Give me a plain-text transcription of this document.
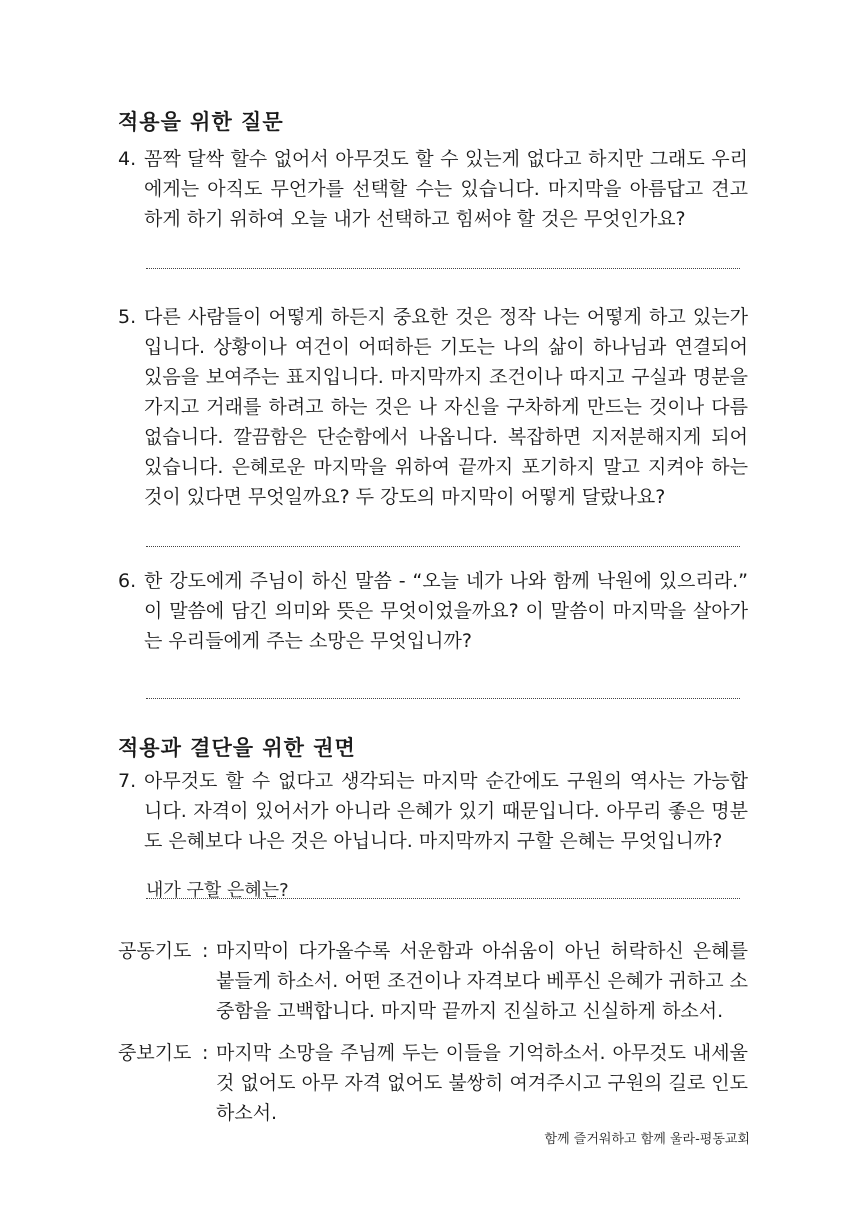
적용을 위한 질문
4. 꼼짝 달싹 할수 없어서 아무것도 할 수 있는게 없다고 하지만 그래도 우리에게는 아직도 무언가를 선택할 수는 있습니다. 마지막을 아름답고 견고하게 하기 위하여 오늘 내가 선택하고 힘써야 할 것은 무엇인가요?
5. 다른 사람들이 어떻게 하든지 중요한 것은 정작 나는 어떻게 하고 있는가 입니다. 상황이나 여건이 어떠하든 기도는 나의 삶이 하나님과 연결되어 있음을 보여주는 표지입니다. 마지막까지 조건이나 따지고 구실과 명분을 가지고 거래를 하려고 하는 것은 나 자신을 구차하게 만드는 것이나 다름 없습니다. 깔끔함은 단순함에서 나옵니다. 복잡하면 지저분해지게 되어 있습니다. 은혜로운 마지막을 위하여 끝까지 포기하지 말고 지켜야 하는 것이 있다면 무엇일까요? 두 강도의 마지막이 어떻게 달랐나요?
6. 한 강도에게 주님이 하신 말씀 - “오늘 네가 나와 함께 낙원에 있으리라.” 이 말씀에 담긴 의미와 뜻은 무엇이었을까요? 이 말씀이 마지막을 살아가는 우리들에게 주는 소망은 무엇입니까?
적용과 결단을 위한 권면
7. 아무것도 할 수 없다고 생각되는 마지막 순간에도 구원의 역사는 가능합니다. 자격이 있어서가 아니라 은혜가 있기 때문입니다. 아무리 좋은 명분도 은혜보다 나은 것은 아닙니다. 마지막까지 구할 은혜는 무엇입니까?
내가 구할 은혜는?
공동기도 : 마지막이 다가올수록 서운함과 아쉬움이 아닌 허락하신 은혜를 붙들게 하소서. 어떤 조건이나 자격보다 베푸신 은혜가 귀하고 소중함을 고백합니다. 마지막 끝까지 진실하고 신실하게 하소서.
중보기도 : 마지막 소망을 주님께 두는 이들을 기억하소서. 아무것도 내세울 것 없어도 아무 자격 없어도 불쌍히 여겨주시고 구원의 길로 인도하소서.
함께 즐거워하고 함께 울라-평동교회
